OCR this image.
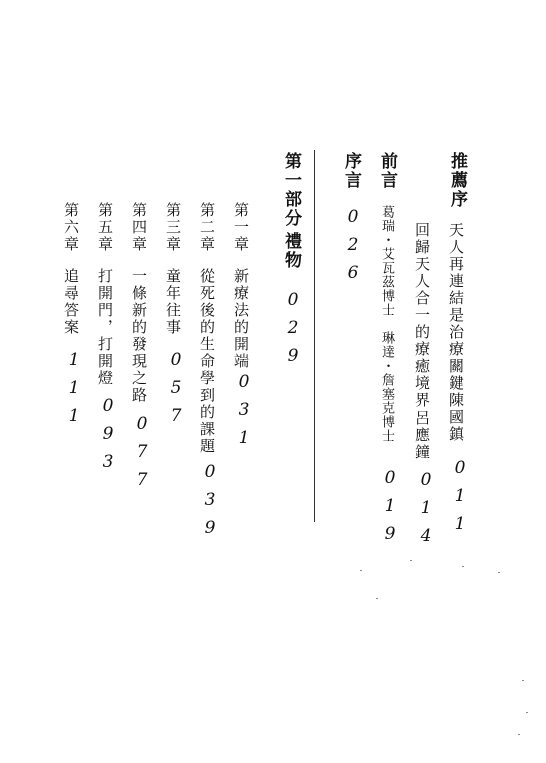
推薦序
天人再連結是治療關鍵
陳國鎮
011
回歸天人合一的療癒境界
呂應鐘
014
前言
葛瑞・艾瓦茲博士　琳達・詹塞克博士
019
序言
026
第一部分
禮物
029
第一章
新療法的開端
031
第二章
從死後的生命學到的課題
039
第三章
童年往事
057
第四章
一條新的發現之路
077
第五章
打開門，打開燈
093
第六章
追尋答案
111
